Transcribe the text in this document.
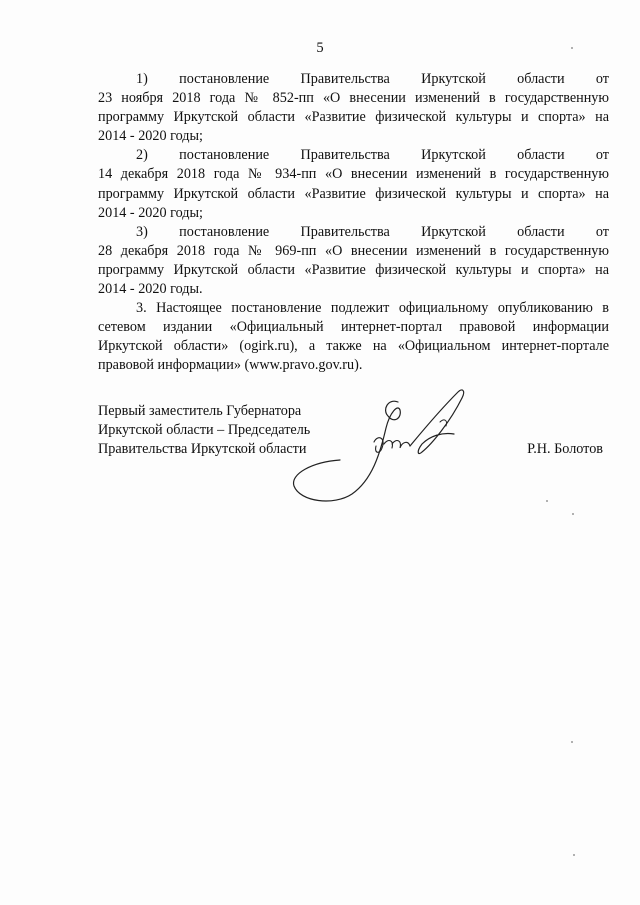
5

1) постановление Правительства Иркутской области от
23 ноября 2018 года № 852-пп «О внесении изменений в государственную
программу Иркутской области «Развитие физической культуры и спорта» на
2014 - 2020 годы;

2) постановление Правительства Иркутской области от
14 декабря 2018 года № 934-пп «О внесении изменений в государственную
программу Иркутской области «Развитие физической культуры и спорта» на
2014 - 2020 годы;

3) постановление Правительства Иркутской области от
28 декабря 2018 года № 969-пп «О внесении изменений в государственную
программу Иркутской области «Развитие физической культуры и спорта» на
2014 - 2020 годы.

3. Настоящее постановление подлежит официальному опубликованию в
сетевом издании «Официальный интернет-портал правовой информации
Иркутской области» (ogirk.ru), а также на «Официальном интернет-портале
правовой информации» (www.pravo.gov.ru).

Первый заместитель Губернатора
Иркутской области – Председатель
Правительства Иркутской области	Р.Н. Болотов
